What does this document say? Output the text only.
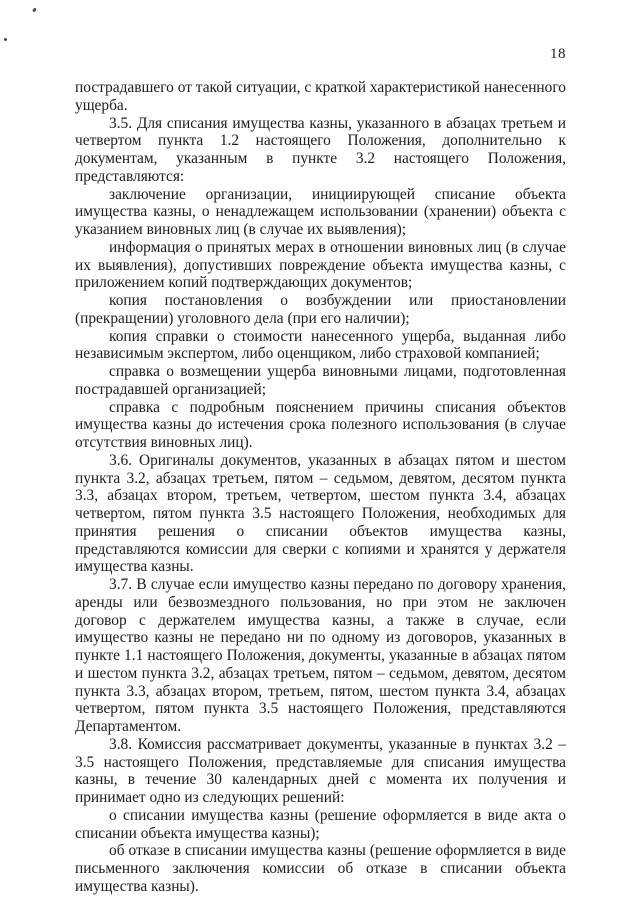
18

пострадавшего от такой ситуации, с краткой характеристикой нанесенного ущерба.

3.5. Для списания имущества казны, указанного в абзацах третьем и четвертом пункта 1.2 настоящего Положения, дополнительно к документам, указанным в пункте 3.2 настоящего Положения, представляются:

заключение организации, инициирующей списание объекта имущества казны, о ненадлежащем использовании (хранении) объекта с указанием виновных лиц (в случае их выявления);

информация о принятых мерах в отношении виновных лиц (в случае их выявления), допустивших повреждение объекта имущества казны, с приложением копий подтверждающих документов;

копия постановления о возбуждении или приостановлении (прекращении) уголовного дела (при его наличии);

копия справки о стоимости нанесенного ущерба, выданная либо независимым экспертом, либо оценщиком, либо страховой компанией;

справка о возмещении ущерба виновными лицами, подготовленная пострадавшей организацией;

справка с подробным пояснением причины списания объектов имущества казны до истечения срока полезного использования (в случае отсутствия виновных лиц).

3.6. Оригиналы документов, указанных в абзацах пятом и шестом пункта 3.2, абзацах третьем, пятом – седьмом, девятом, десятом пункта 3.3, абзацах втором, третьем, четвертом, шестом пункта 3.4, абзацах четвертом, пятом пункта 3.5 настоящего Положения, необходимых для принятия решения о списании объектов имущества казны, представляются комиссии для сверки с копиями и хранятся у держателя имущества казны.

3.7. В случае если имущество казны передано по договору хранения, аренды или безвозмездного пользования, но при этом не заключен договор с держателем имущества казны, а также в случае, если имущество казны не передано ни по одному из договоров, указанных в пункте 1.1 настоящего Положения, документы, указанные в абзацах пятом и шестом пункта 3.2, абзацах третьем, пятом – седьмом, девятом, десятом пункта 3.3, абзацах втором, третьем, пятом, шестом пункта 3.4, абзацах четвертом, пятом пункта 3.5 настоящего Положения, представляются Департаментом.

3.8. Комиссия рассматривает документы, указанные в пунктах 3.2 – 3.5 настоящего Положения, представляемые для списания имущества казны, в течение 30 календарных дней с момента их получения и принимает одно из следующих решений:

о списании имущества казны (решение оформляется в виде акта о списании объекта имущества казны);

об отказе в списании имущества казны (решение оформляется в виде письменного заключения комиссии об отказе в списании объекта имущества казны).
